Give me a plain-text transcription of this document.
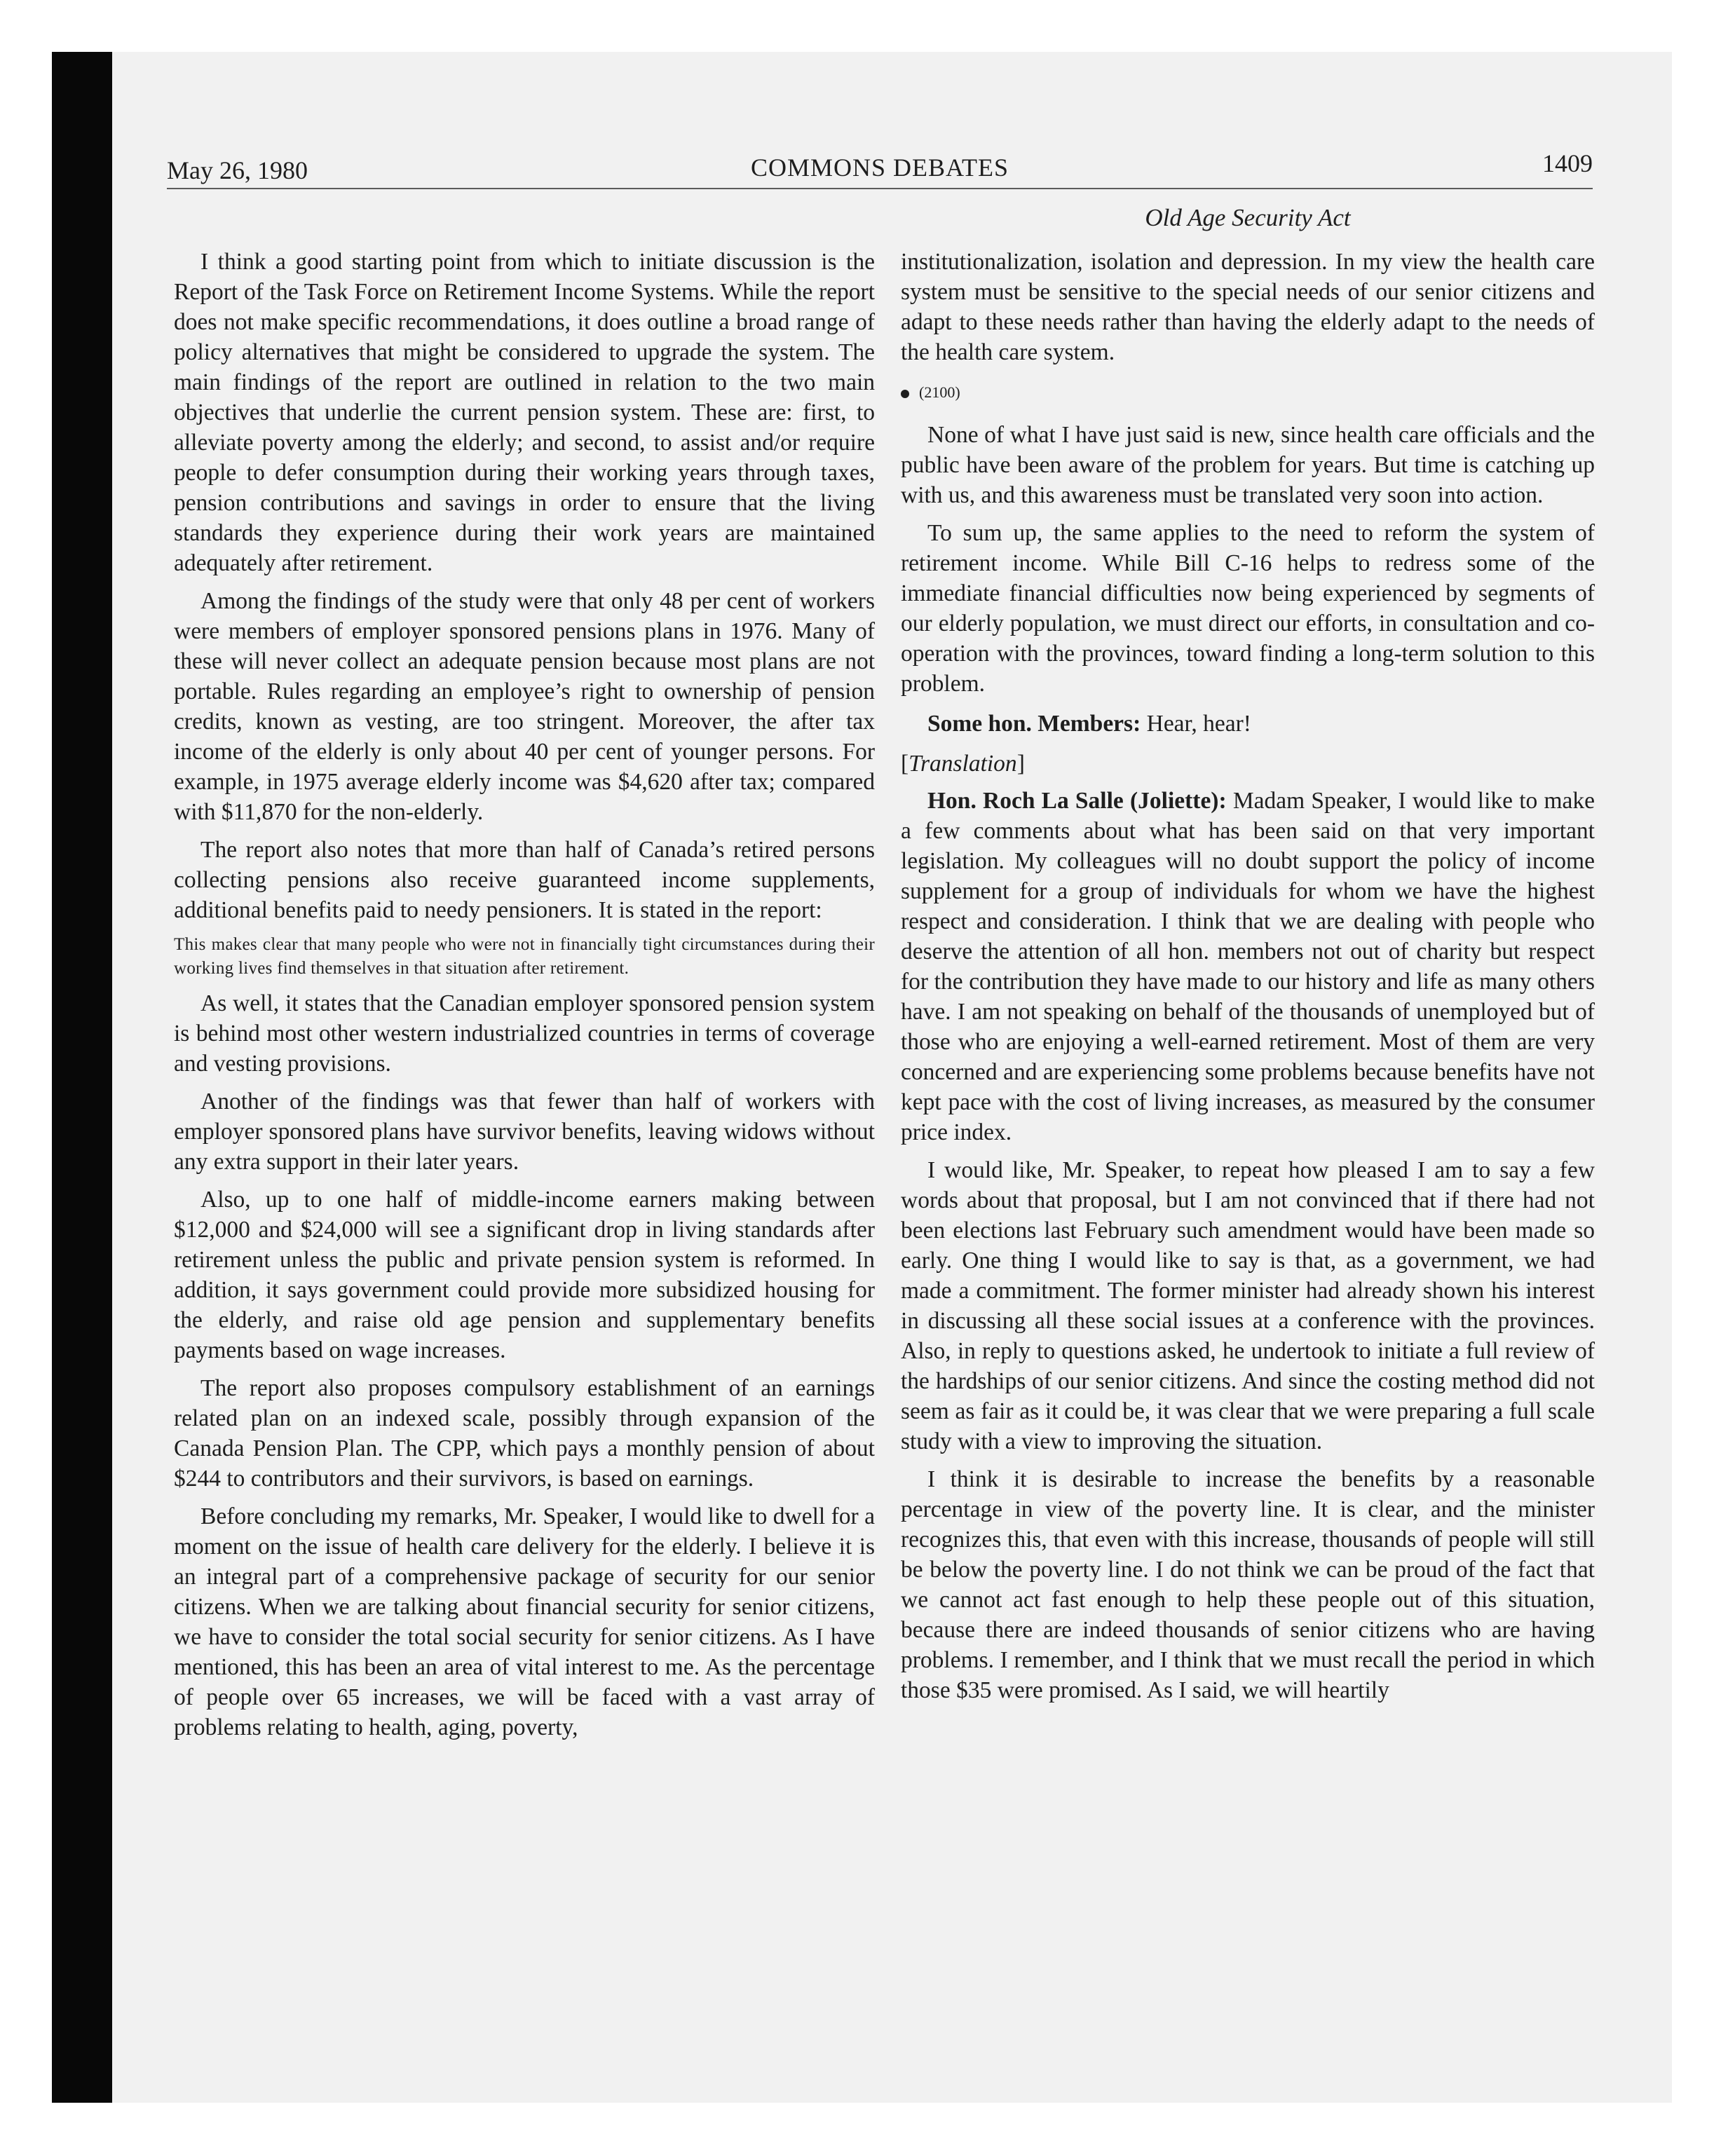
May 26, 1980	COMMONS DEBATES	1409
Old Age Security Act

I think a good starting point from which to initiate discussion is the Report of the Task Force on Retirement Income Systems. While the report does not make specific recommendations, it does outline a broad range of policy alternatives that might be considered to upgrade the system. The main findings of the report are outlined in relation to the two main objectives that underlie the current pension system. These are: first, to alleviate poverty among the elderly; and second, to assist and/or require people to defer consumption during their working years through taxes, pension contributions and savings in order to ensure that the living standards they experience during their work years are maintained adequately after retirement.

Among the findings of the study were that only 48 per cent of workers were members of employer sponsored pensions plans in 1976. Many of these will never collect an adequate pension because most plans are not portable. Rules regarding an employee’s right to ownership of pension credits, known as vesting, are too stringent. Moreover, the after tax income of the elderly is only about 40 per cent of younger persons. For example, in 1975 average elderly income was $4,620 after tax; compared with $11,870 for the non-elderly.

The report also notes that more than half of Canada’s retired persons collecting pensions also receive guaranteed income supplements, additional benefits paid to needy pensioners. It is stated in the report:

This makes clear that many people who were not in financially tight circumstances during their working lives find themselves in that situation after retirement.

As well, it states that the Canadian employer sponsored pension system is behind most other western industrialized countries in terms of coverage and vesting provisions.

Another of the findings was that fewer than half of workers with employer sponsored plans have survivor benefits, leaving widows without any extra support in their later years.

Also, up to one half of middle-income earners making between $12,000 and $24,000 will see a significant drop in living standards after retirement unless the public and private pension system is reformed. In addition, it says government could provide more subsidized housing for the elderly, and raise old age pension and supplementary benefits payments based on wage increases.

The report also proposes compulsory establishment of an earnings related plan on an indexed scale, possibly through expansion of the Canada Pension Plan. The CPP, which pays a monthly pension of about $244 to contributors and their survivors, is based on earnings.

Before concluding my remarks, Mr. Speaker, I would like to dwell for a moment on the issue of health care delivery for the elderly. I believe it is an integral part of a comprehensive package of security for our senior citizens. When we are talking about financial security for senior citizens, we have to consider the total social security for senior citizens. As I have mentioned, this has been an area of vital interest to me. As the percentage of people over 65 increases, we will be faced with a vast array of problems relating to health, aging, poverty,

institutionalization, isolation and depression. In my view the health care system must be sensitive to the special needs of our senior citizens and adapt to these needs rather than having the elderly adapt to the needs of the health care system.

(2100)

None of what I have just said is new, since health care officials and the public have been aware of the problem for years. But time is catching up with us, and this awareness must be translated very soon into action.

To sum up, the same applies to the need to reform the system of retirement income. While Bill C-16 helps to redress some of the immediate financial difficulties now being experienced by segments of our elderly population, we must direct our efforts, in consultation and co-operation with the provinces, toward finding a long-term solution to this problem.

Some hon. Members: Hear, hear!

[Translation]

Hon. Roch La Salle (Joliette): Madam Speaker, I would like to make a few comments about what has been said on that very important legislation. My colleagues will no doubt support the policy of income supplement for a group of individuals for whom we have the highest respect and consideration. I think that we are dealing with people who deserve the attention of all hon. members not out of charity but respect for the contribution they have made to our history and life as many others have. I am not speaking on behalf of the thousands of unemployed but of those who are enjoying a well-earned retirement. Most of them are very concerned and are experiencing some problems because benefits have not kept pace with the cost of living increases, as measured by the consumer price index.

I would like, Mr. Speaker, to repeat how pleased I am to say a few words about that proposal, but I am not convinced that if there had not been elections last February such amendment would have been made so early. One thing I would like to say is that, as a government, we had made a commitment. The former minister had already shown his interest in discussing all these social issues at a conference with the provinces. Also, in reply to questions asked, he undertook to initiate a full review of the hardships of our senior citizens. And since the costing method did not seem as fair as it could be, it was clear that we were preparing a full scale study with a view to improving the situation.

I think it is desirable to increase the benefits by a reasonable percentage in view of the poverty line. It is clear, and the minister recognizes this, that even with this increase, thousands of people will still be below the poverty line. I do not think we can be proud of the fact that we cannot act fast enough to help these people out of this situation, because there are indeed thousands of senior citizens who are having problems. I remember, and I think that we must recall the period in which those $35 were promised. As I said, we will heartily
